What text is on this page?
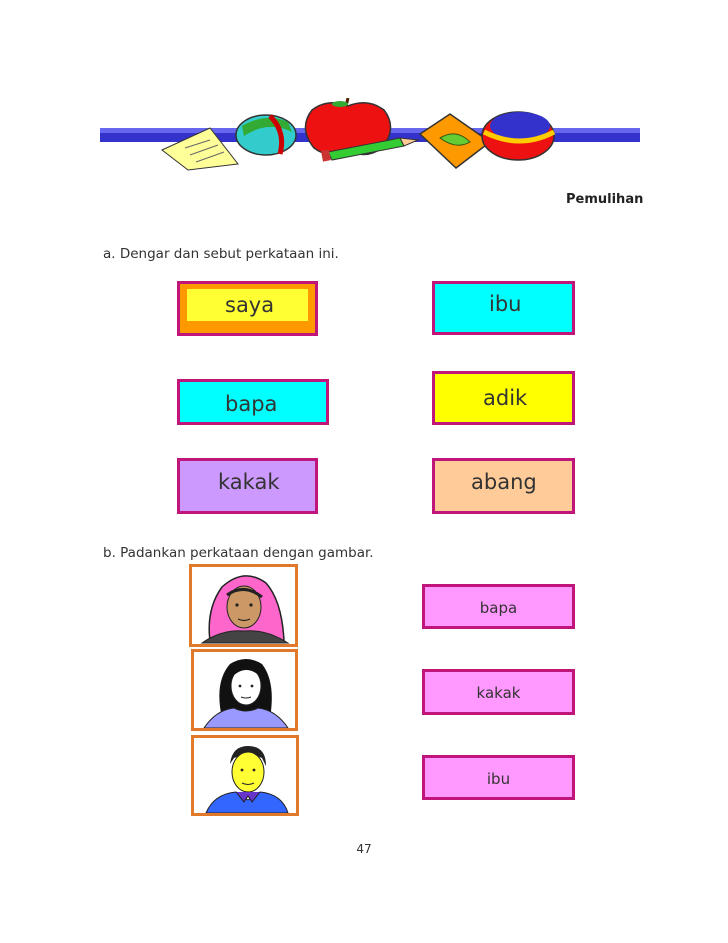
Pemulihan
a. Dengar dan sebut perkataan ini.
saya	ibu
bapa	adik
kakak	abang
b. Padankan perkataan dengan gambar.
bapa
kakak
ibu
47
